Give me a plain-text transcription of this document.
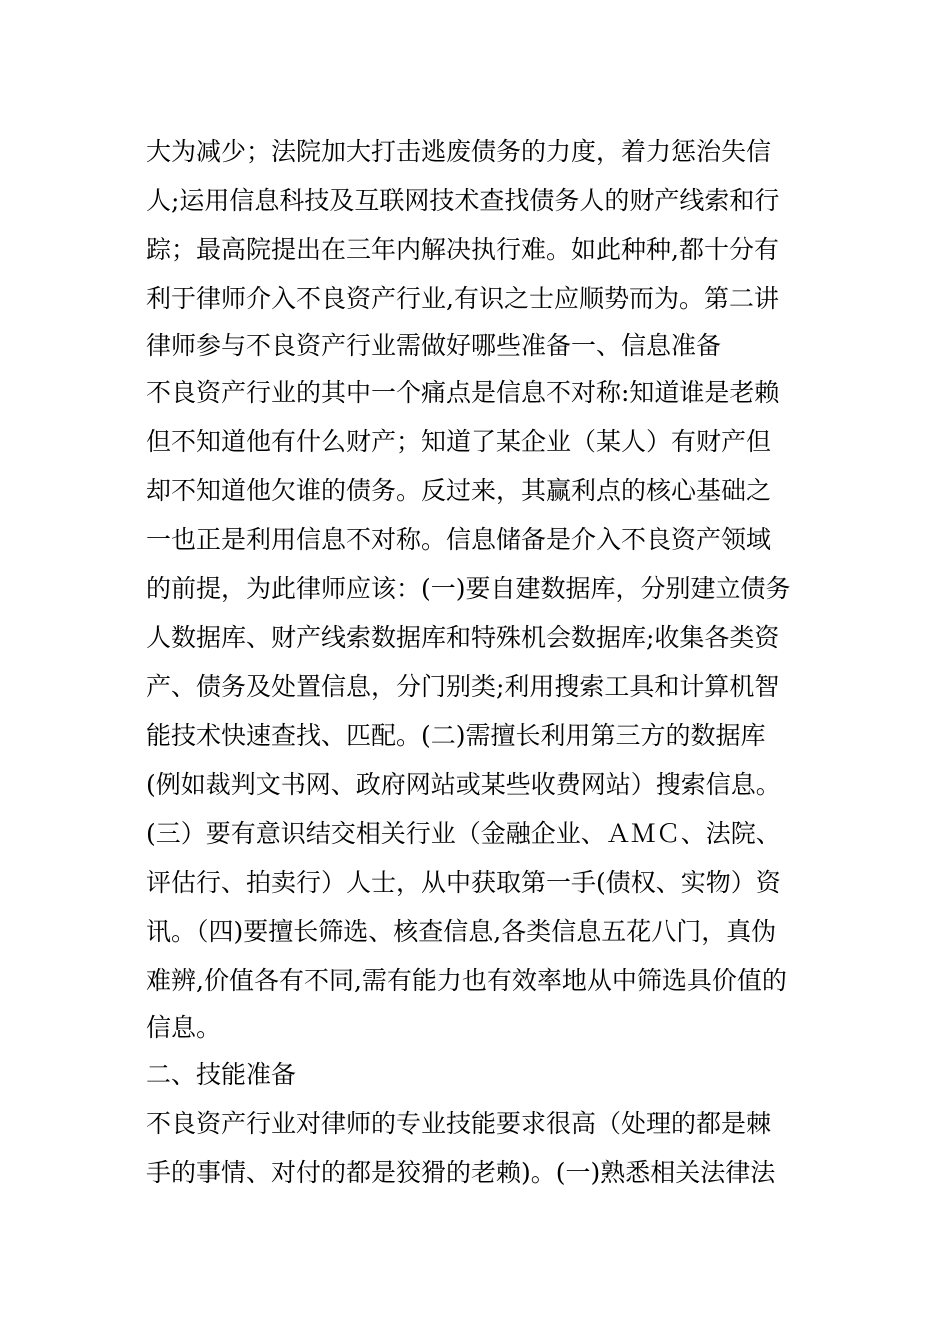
大为减少；法院加大打击逃废债务的力度，着力惩治失信
人;运用信息科技及互联网技术查找债务人的财产线索和行
踪；最高院提出在三年内解决执行难。如此种种,都十分有
利于律师介入不良资产行业,有识之士应顺势而为。第二讲
律师参与不良资产行业需做好哪些准备一、信息准备
不良资产行业的其中一个痛点是信息不对称:知道谁是老赖
但不知道他有什么财产；知道了某企业（某人）有财产但
却不知道他欠谁的债务。反过来，其赢利点的核心基础之
一也正是利用信息不对称。信息储备是介入不良资产领域
的前提，为此律师应该：(一)要自建数据库，分别建立债务
人数据库、财产线索数据库和特殊机会数据库;收集各类资
产、债务及处置信息，分门别类;利用搜索工具和计算机智
能技术快速查找、匹配。(二)需擅长利用第三方的数据库
(例如裁判文书网、政府网站或某些收费网站）搜索信息。
(三）要有意识结交相关行业（金融企业、ＡＭＣ、法院、
评估行、拍卖行）人士，从中获取第一手(债权、实物）资
讯。（四)要擅长筛选、核查信息,各类信息五花八门，真伪
难辨,价值各有不同,需有能力也有效率地从中筛选具价值的
信息。
二、技能准备
不良资产行业对律师的专业技能要求很高（处理的都是棘
手的事情、对付的都是狡猾的老赖)。(一)熟悉相关法律法
